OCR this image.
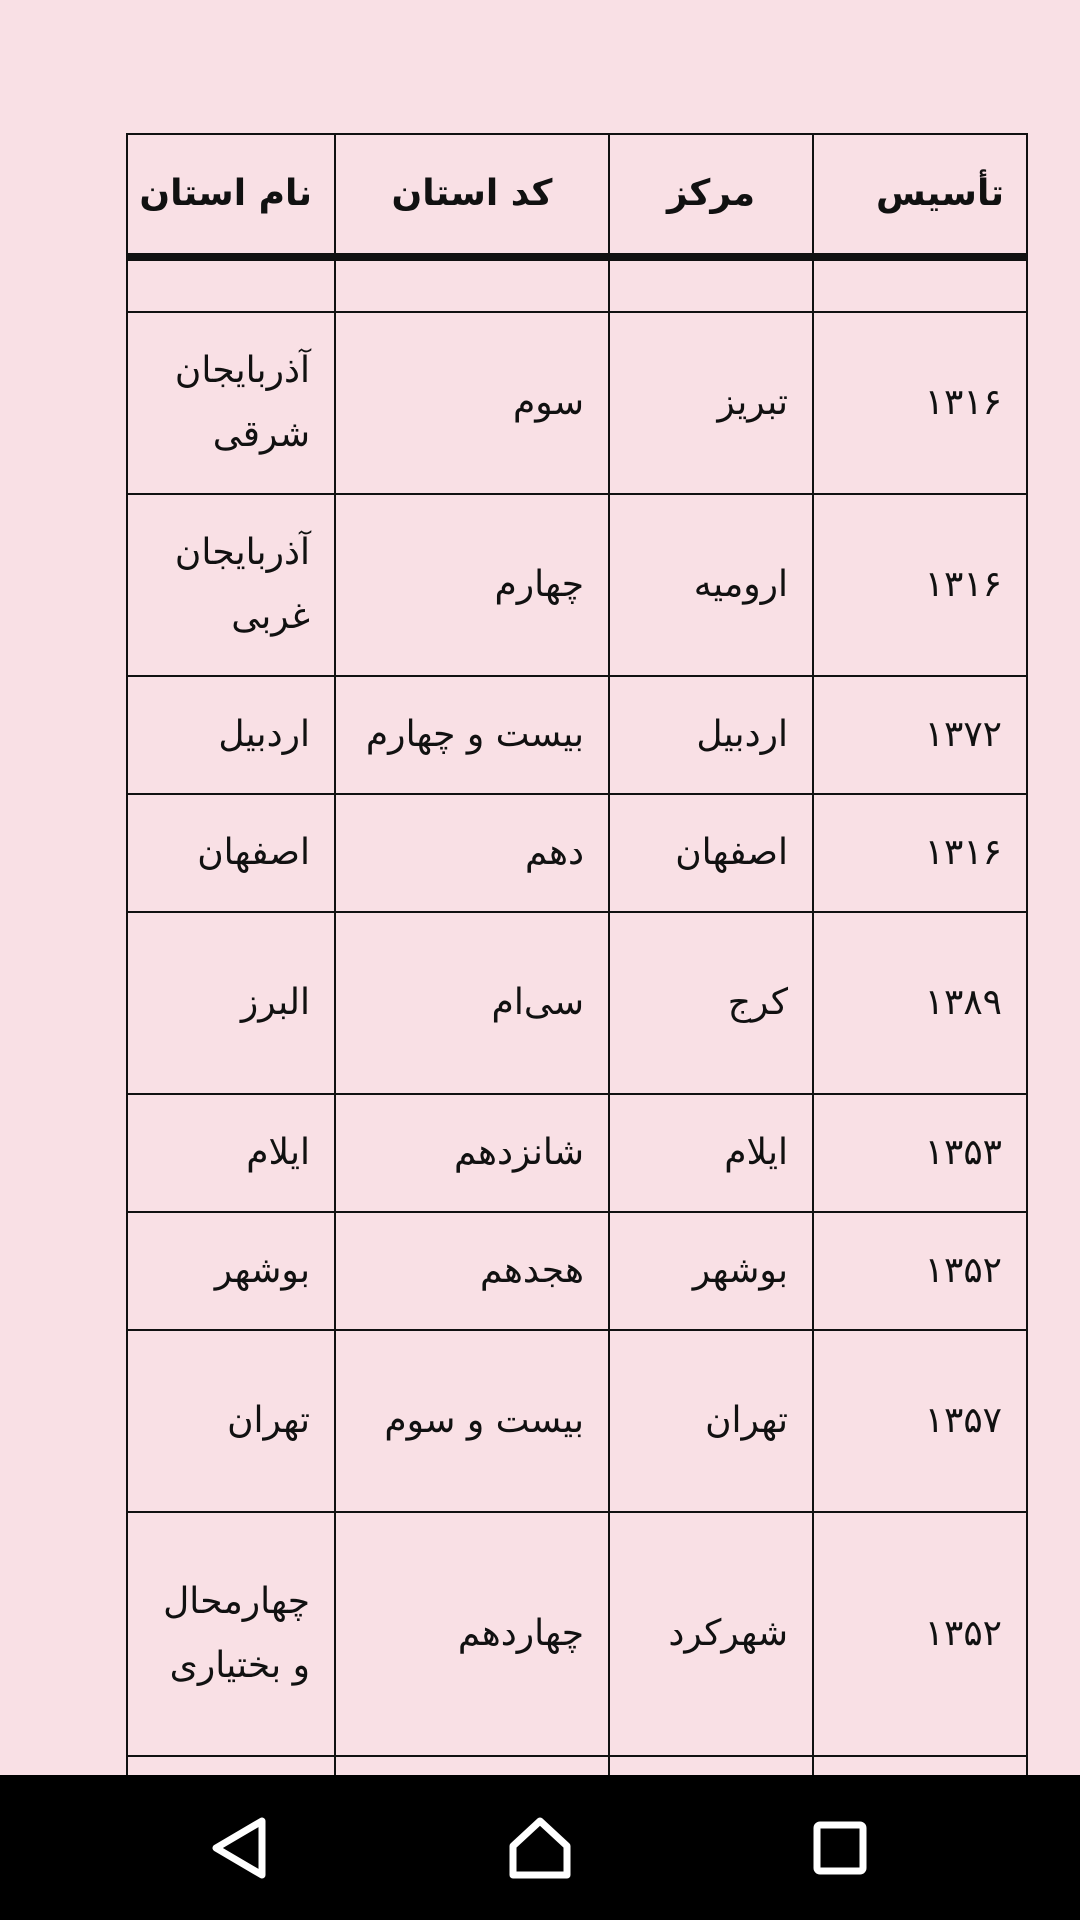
نام استان	کد استان	مرکز	تأسیس

آذربایجان شرقی	سوم	تبریز	۱۳۱۶
آذربایجان غربی	چهارم	ارومیه	۱۳۱۶
اردبیل	بیست و چهارم	اردبیل	۱۳۷۲
اصفهان	دهم	اصفهان	۱۳۱۶
البرز	سی‌ام	کرج	۱۳۸۹
ایلام	شانزدهم	ایلام	۱۳۵۳
بوشهر	هجدهم	بوشهر	۱۳۵۲
تهران	بیست و سوم	تهران	۱۳۵۷
چهارمحال و بختیاری	چهاردهم	شهرکرد	۱۳۵۲
